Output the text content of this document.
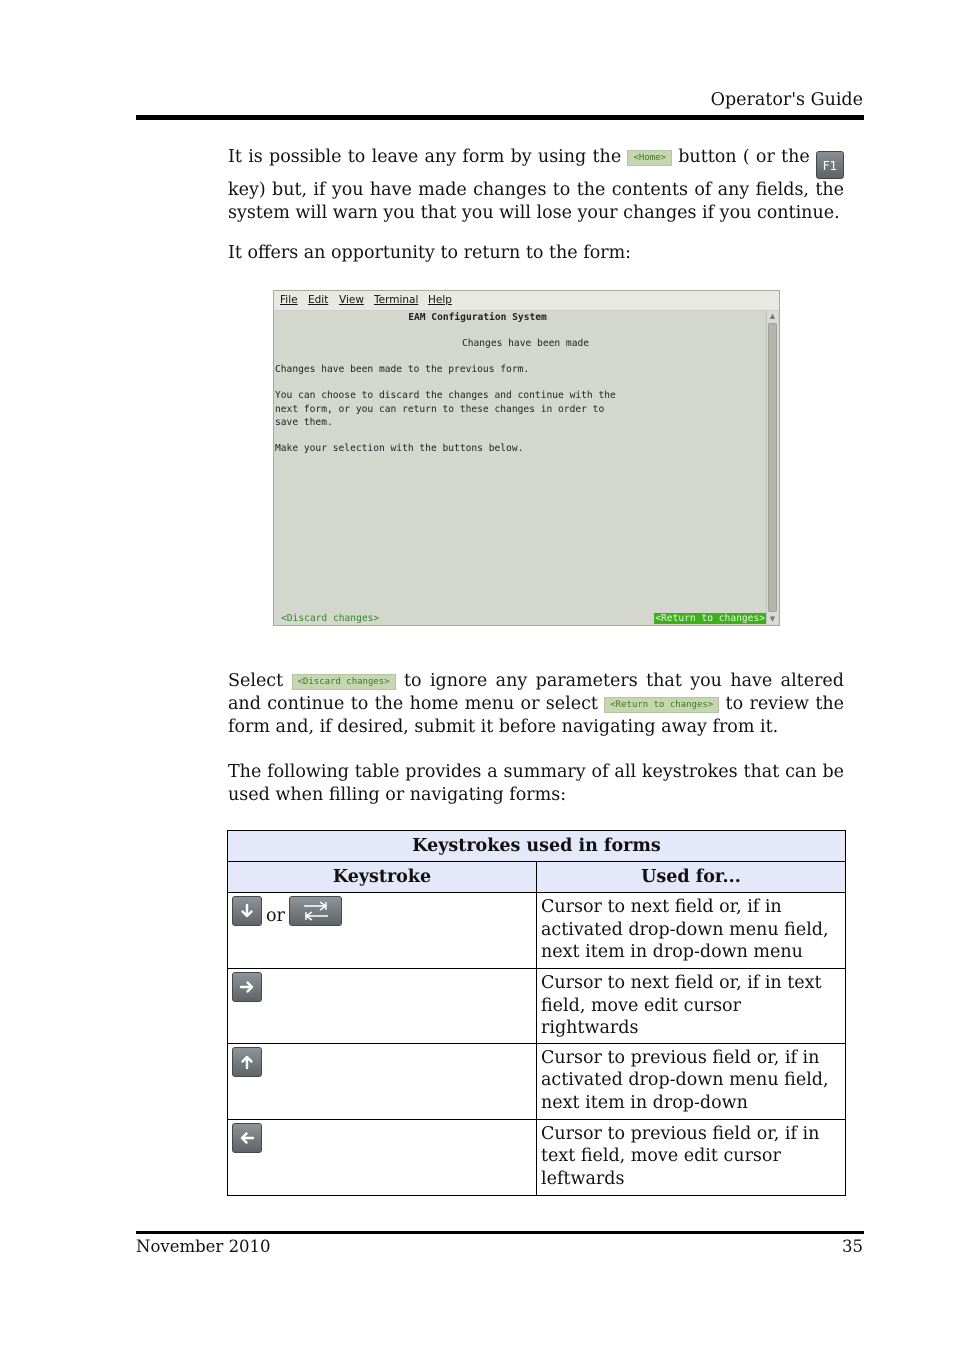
Operator's Guide
It is possible to leave any form by using the <Home> button ( or the F1 key) but, if you have made changes to the contents of any fields, the system will warn you that you will lose your changes if you continue.
It offers an opportunity to return to the form:
File Edit View Terminal Help
EAM Configuration System
Changes have been made
Changes have been made to the previous form.
You can choose to discard the changes and continue with the
next form, or you can return to these changes in order to
save them.
Make your selection with the buttons below.
▲
▼
<Discard changes>	<Return to changes>
Select <Discard changes> to ignore any parameters that you have altered and continue to the home menu or select <Return to changes> to review the form and, if desired, submit it before navigating away from it.
The following table provides a summary of all keystrokes that can be used when filling or navigating forms:
Keystrokes used in forms	
Keystroke	Used for...

or	Cursor to next field or, if in activated drop-down menu field, next item in drop-down menu

	Cursor to next field or, if in text field, move edit cursor rightwards

	Cursor to previous field or, if in activated drop-down menu field, next item in drop-down

	Cursor to previous field or, if in text field, move edit cursor leftwards
November 2010	35
